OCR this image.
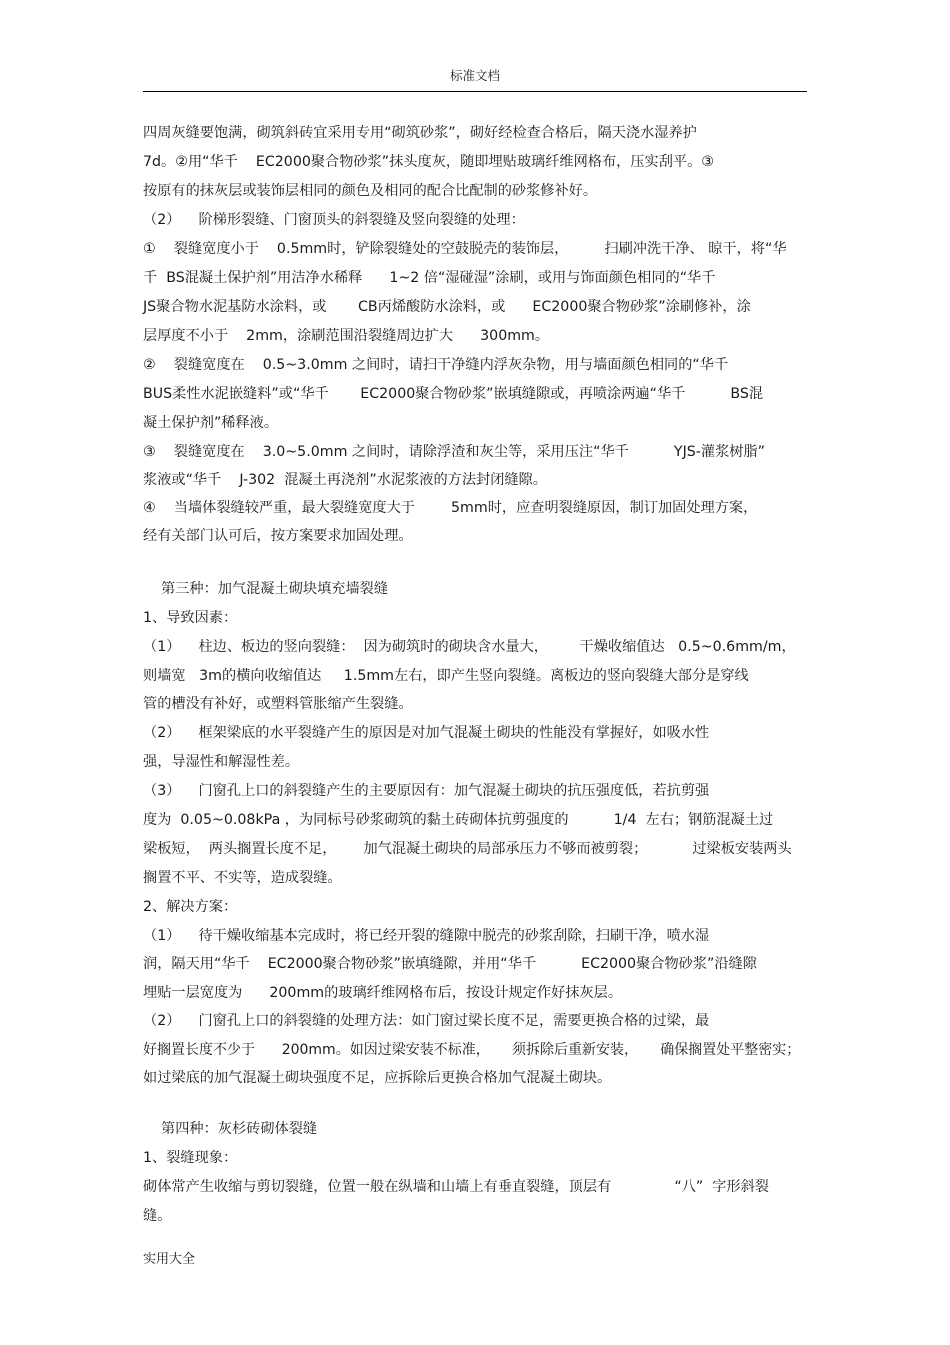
标准文档
四周灰缝要饱满，砌筑斜砖宜采用专用“砌筑砂浆”，砌好经检查合格后，隔天浇水湿养护
7d。②用“华千    EC2000聚合物砂浆”抹头度灰，随即埋贴玻璃纤维网格布，压实刮平。③
按原有的抹灰层或装饰层相同的颜色及相同的配合比配制的砂浆修补好。
（2）    阶梯形裂缝、门窗顶头的斜裂缝及竖向裂缝的处理：
①    裂缝宽度小于    0.5mm时，铲除裂缝处的空鼓脱壳的装饰层，        扫刷冲洗干净、 晾干，将“华
千  BS混凝土保护剂”用洁净水稀释      1~2 倍“湿碰湿”涂刷，或用与饰面颜色相同的“华千
JS聚合物水泥基防水涂料，或       CB丙烯酸防水涂料，或      EC2000聚合物砂浆”涂刷修补，涂
层厚度不小于    2mm，涂刷范围沿裂缝周边扩大      300mm。
②    裂缝宽度在    0.5~3.0mm 之间时，请扫干净缝内浮灰杂物，用与墙面颜色相同的“华千
BUS柔性水泥嵌缝料”或“华千       EC2000聚合物砂浆”嵌填缝隙或，再喷涂两遍“华千          BS混
凝土保护剂”稀释液。
③    裂缝宽度在    3.0~5.0mm 之间时，请除浮渣和灰尘等，采用压注“华千          YJS-灌浆树脂”
浆液或“华千    J-302  混凝土再浇剂”水泥浆液的方法封闭缝隙。
④    当墙体裂缝较严重，最大裂缝宽度大于        5mm时，应查明裂缝原因，制订加固处理方案，
经有关部门认可后，按方案要求加固处理。
第三种：加气混凝土砌块填充墙裂缝
1、导致因素：
（1）    柱边、板边的竖向裂缝：  因为砌筑时的砌块含水量大，       干燥收缩值达   0.5~0.6mm/m，
则墙宽   3m的横向收缩值达     1.5mm左右，即产生竖向裂缝。离板边的竖向裂缝大部分是穿线
管的槽没有补好，或塑料管胀缩产生裂缝。
（2）    框架梁底的水平裂缝产生的原因是对加气混凝土砌块的性能没有掌握好，如吸水性
强，导湿性和解湿性差。
（3）    门窗孔上口的斜裂缝产生的主要原因有：加气混凝土砌块的抗压强度低，若抗剪强
度为  0.05~0.08kPa ，为同标号砂浆砌筑的黏土砖砌体抗剪强度的          1/4  左右；钢筋混凝土过
梁板短，  两头搁置长度不足，      加气混凝土砌块的局部承压力不够而被剪裂；          过梁板安装两头
搁置不平、不实等，造成裂缝。
2、解决方案：
（1）    待干燥收缩基本完成时，将已经开裂的缝隙中脱壳的砂浆刮除，扫刷干净，喷水湿
润，隔天用“华千    EC2000聚合物砂浆”嵌填缝隙，并用“华千          EC2000聚合物砂浆”沿缝隙
埋贴一层宽度为      200mm的玻璃纤维网格布后，按设计规定作好抹灰层。
（2）    门窗孔上口的斜裂缝的处理方法：如门窗过梁长度不足，需要更换合格的过梁，最
好搁置长度不少于      200mm。如因过梁安装不标准，     须拆除后重新安装，     确保搁置处平整密实；
如过梁底的加气混凝土砌块强度不足，应拆除后更换合格加气混凝土砌块。
第四种：灰杉砖砌体裂缝
1、裂缝现象：
砌体常产生收缩与剪切裂缝，位置一般在纵墙和山墙上有垂直裂缝，顶层有              “八”  字形斜裂
缝。
实用大全
